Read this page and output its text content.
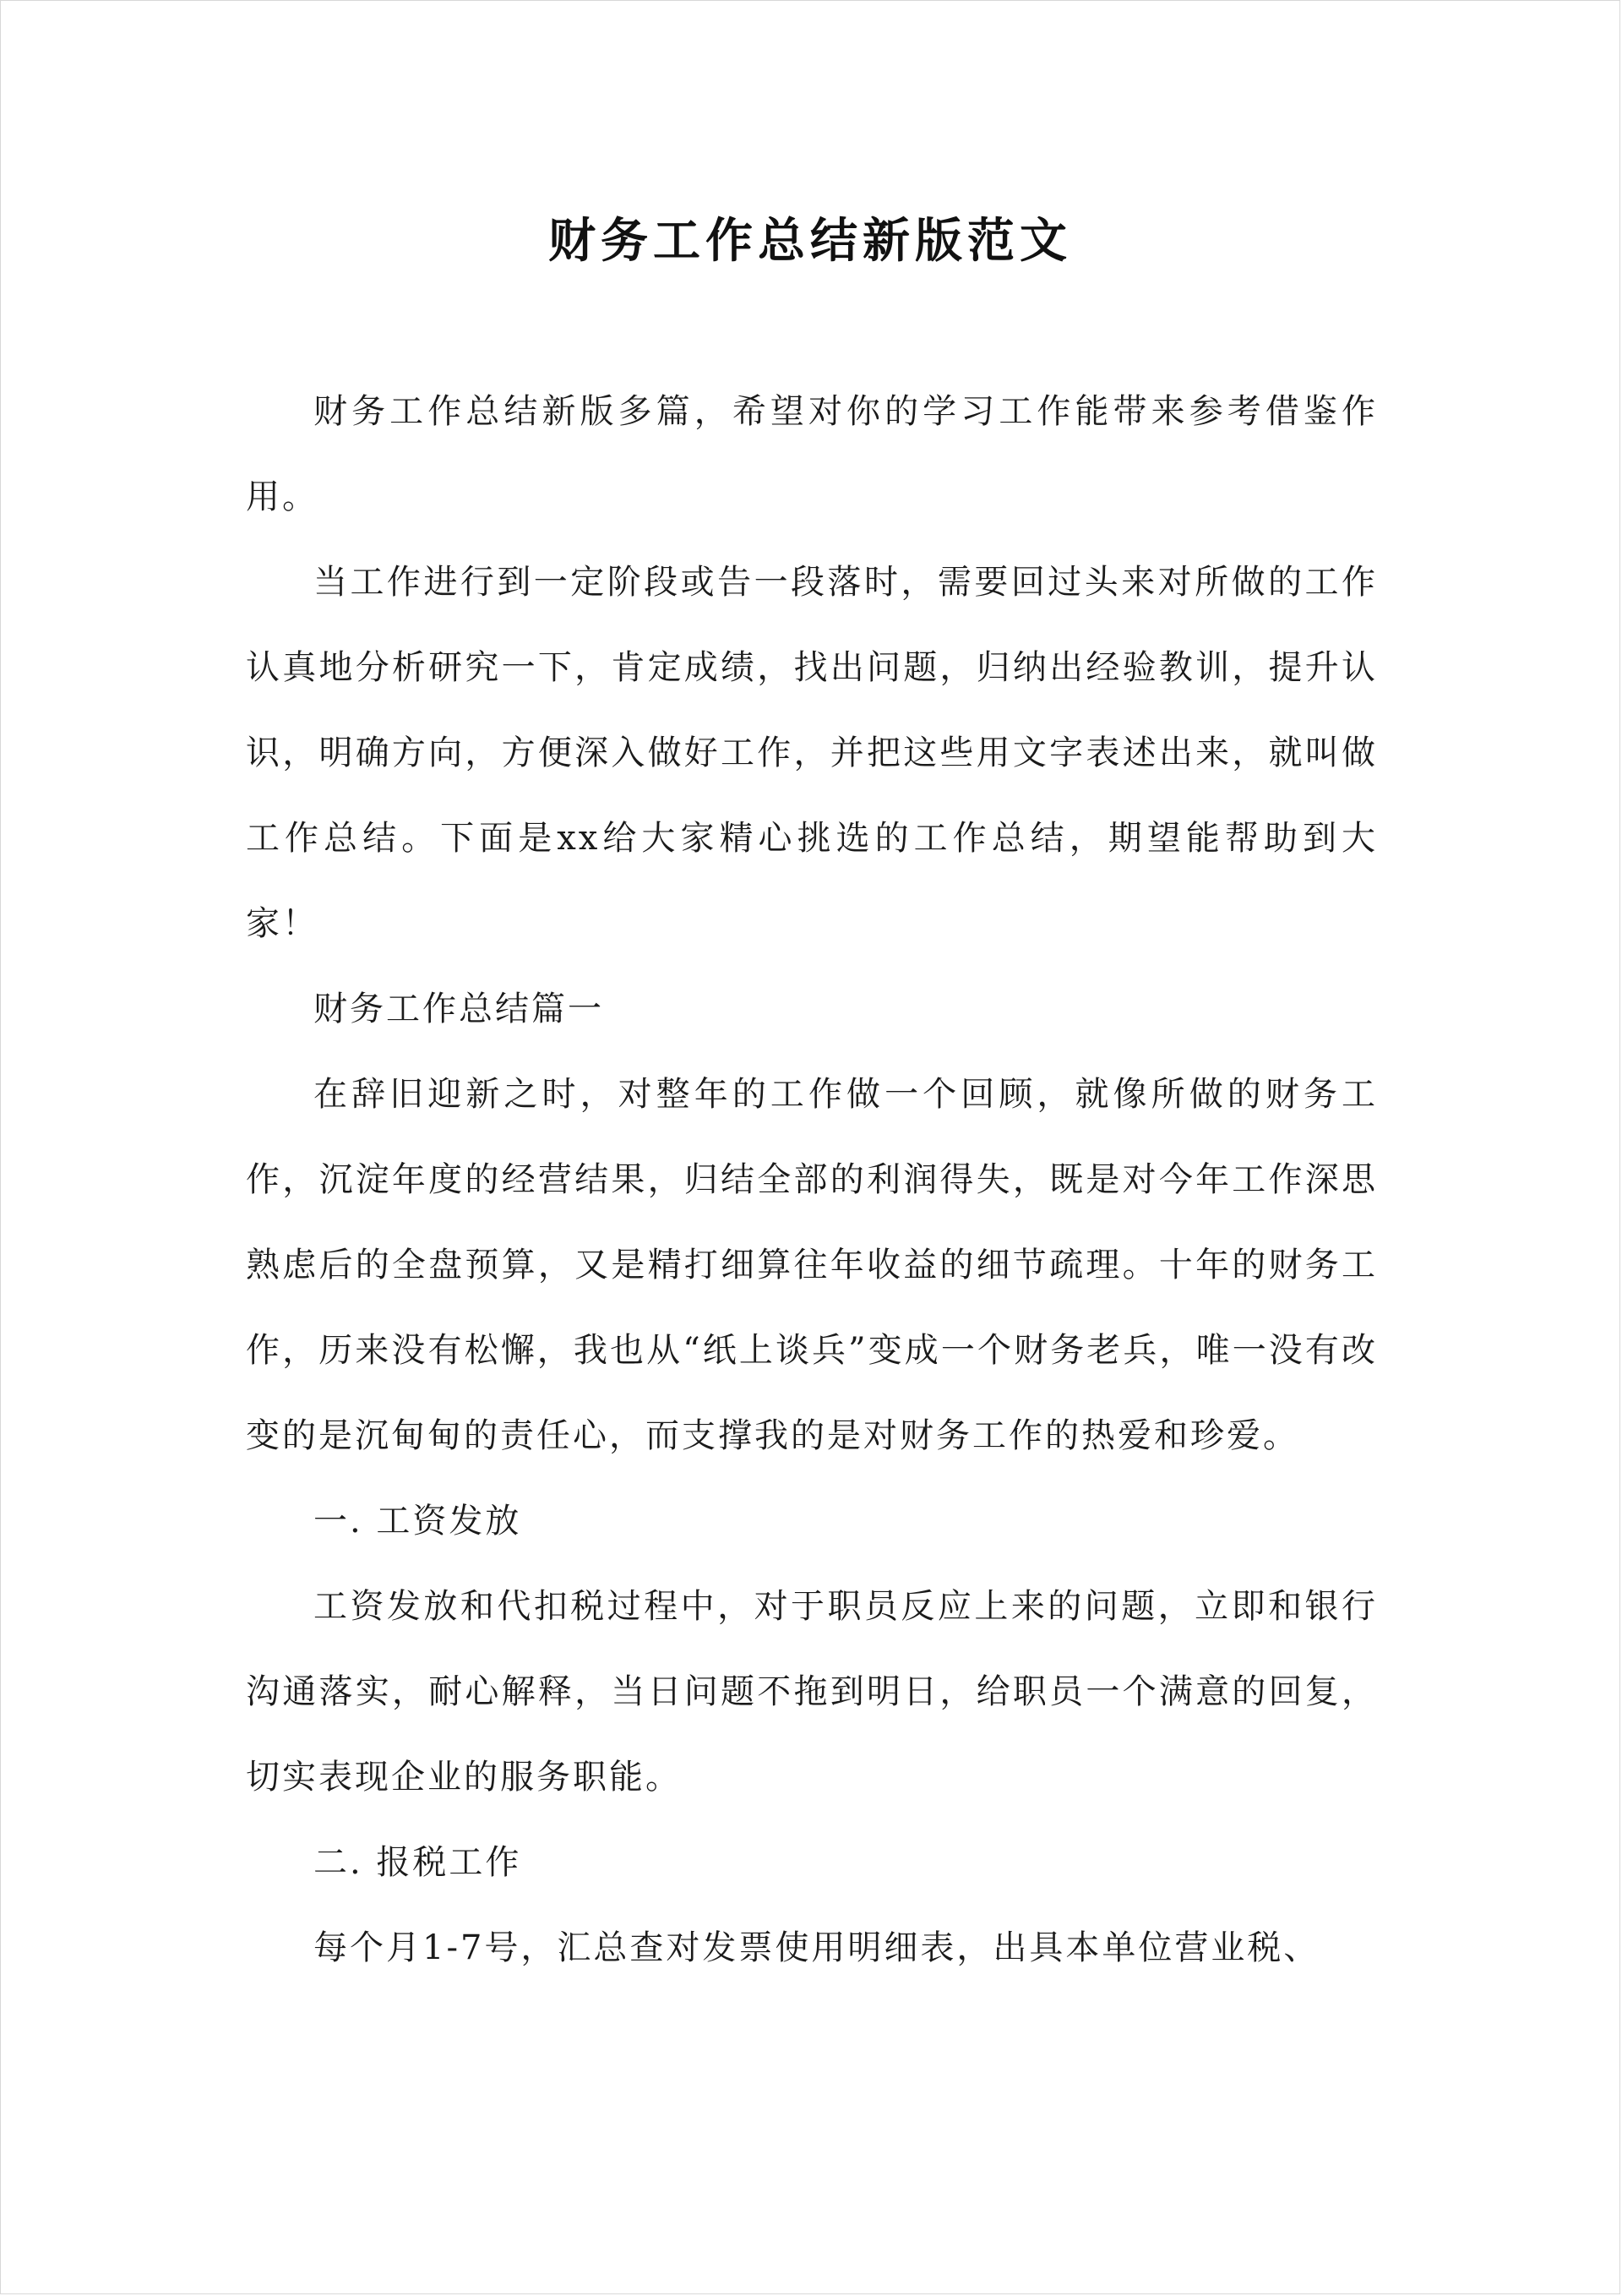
财务工作总结新版范文

财务工作总结新版多篇，希望对你的学习工作能带来参考借鉴作用。

当工作进行到一定阶段或告一段落时，需要回过头来对所做的工作认真地分析研究一下，肯定成绩，找出问题，归纳出经验教训，提升认识，明确方向，方便深入做好工作，并把这些用文字表述出来，就叫做工作总结。下面是xx给大家精心挑选的工作总结，期望能帮助到大家！

财务工作总结篇一

在辞旧迎新之时，对整年的工作做一个回顾，就像所做的财务工作，沉淀年度的经营结果，归结全部的利润得失，既是对今年工作深思熟虑后的全盘预算，又是精打细算往年收益的细节疏理。十年的财务工作，历来没有松懈，我也从“纸上谈兵”变成一个财务老兵，唯一没有改变的是沉甸甸的责任心，而支撑我的是对财务工作的热爱和珍爱。

一. 工资发放

工资发放和代扣税过程中，对于职员反应上来的问题，立即和银行沟通落实，耐心解释，当日问题不拖到明日，给职员一个满意的回复，切实表现企业的服务职能。

二. 报税工作

每个月1-7号，汇总查对发票使用明细表，出具本单位营业税、
